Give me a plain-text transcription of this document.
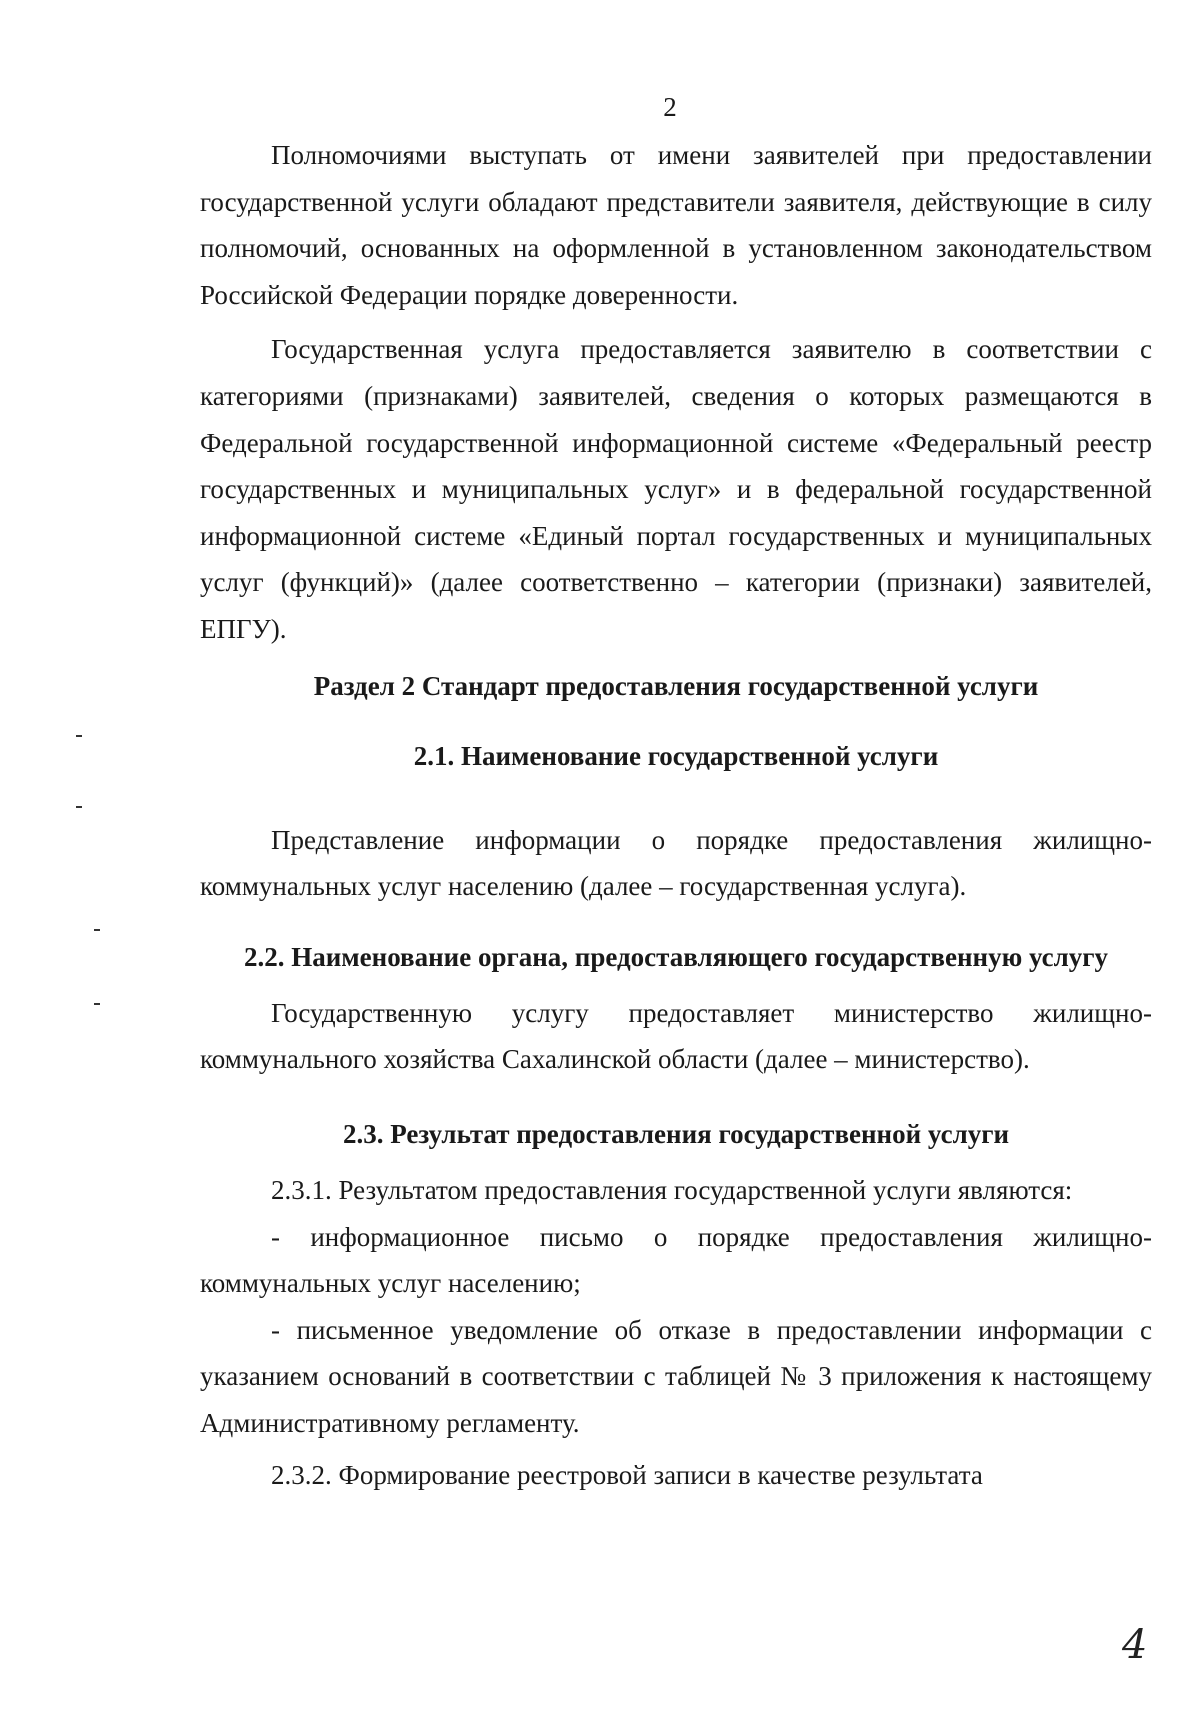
2

Полномочиями выступать от имени заявителей при предоставлении государственной услуги обладают представители заявителя, действующие в силу полномочий, основанных на оформленной в установленном законодательством Российской Федерации порядке доверенности.

Государственная услуга предоставляется заявителю в соответствии с категориями (признаками) заявителей, сведения о которых размещаются в Федеральной государственной информационной системе «Федеральный реестр государственных и муниципальных услуг» и в федеральной государственной информационной системе «Единый портал государственных и муниципальных услуг (функций)» (далее соответственно – категории (признаки) заявителей, ЕПГУ).

Раздел 2 Стандарт предоставления государственной услуги
2.1. Наименование государственной услуги

Представление информации о порядке предоставления жилищно-коммунальных услуг населению (далее – государственная услуга).

2.2. Наименование органа, предоставляющего государственную услугу

Государственную услугу предоставляет министерство жилищно-коммунального хозяйства Сахалинской области (далее – министерство).

2.3. Результат предоставления государственной услуги

2.3.1. Результатом предоставления государственной услуги являются:

- информационное письмо о порядке предоставления жилищно-коммунальных услуг населению;

- письменное уведомление об отказе в предоставлении информации с указанием оснований в соответствии с таблицей № 3 приложения к настоящему Административному регламенту.

2.3.2. Формирование реестровой записи в качестве результата

4
